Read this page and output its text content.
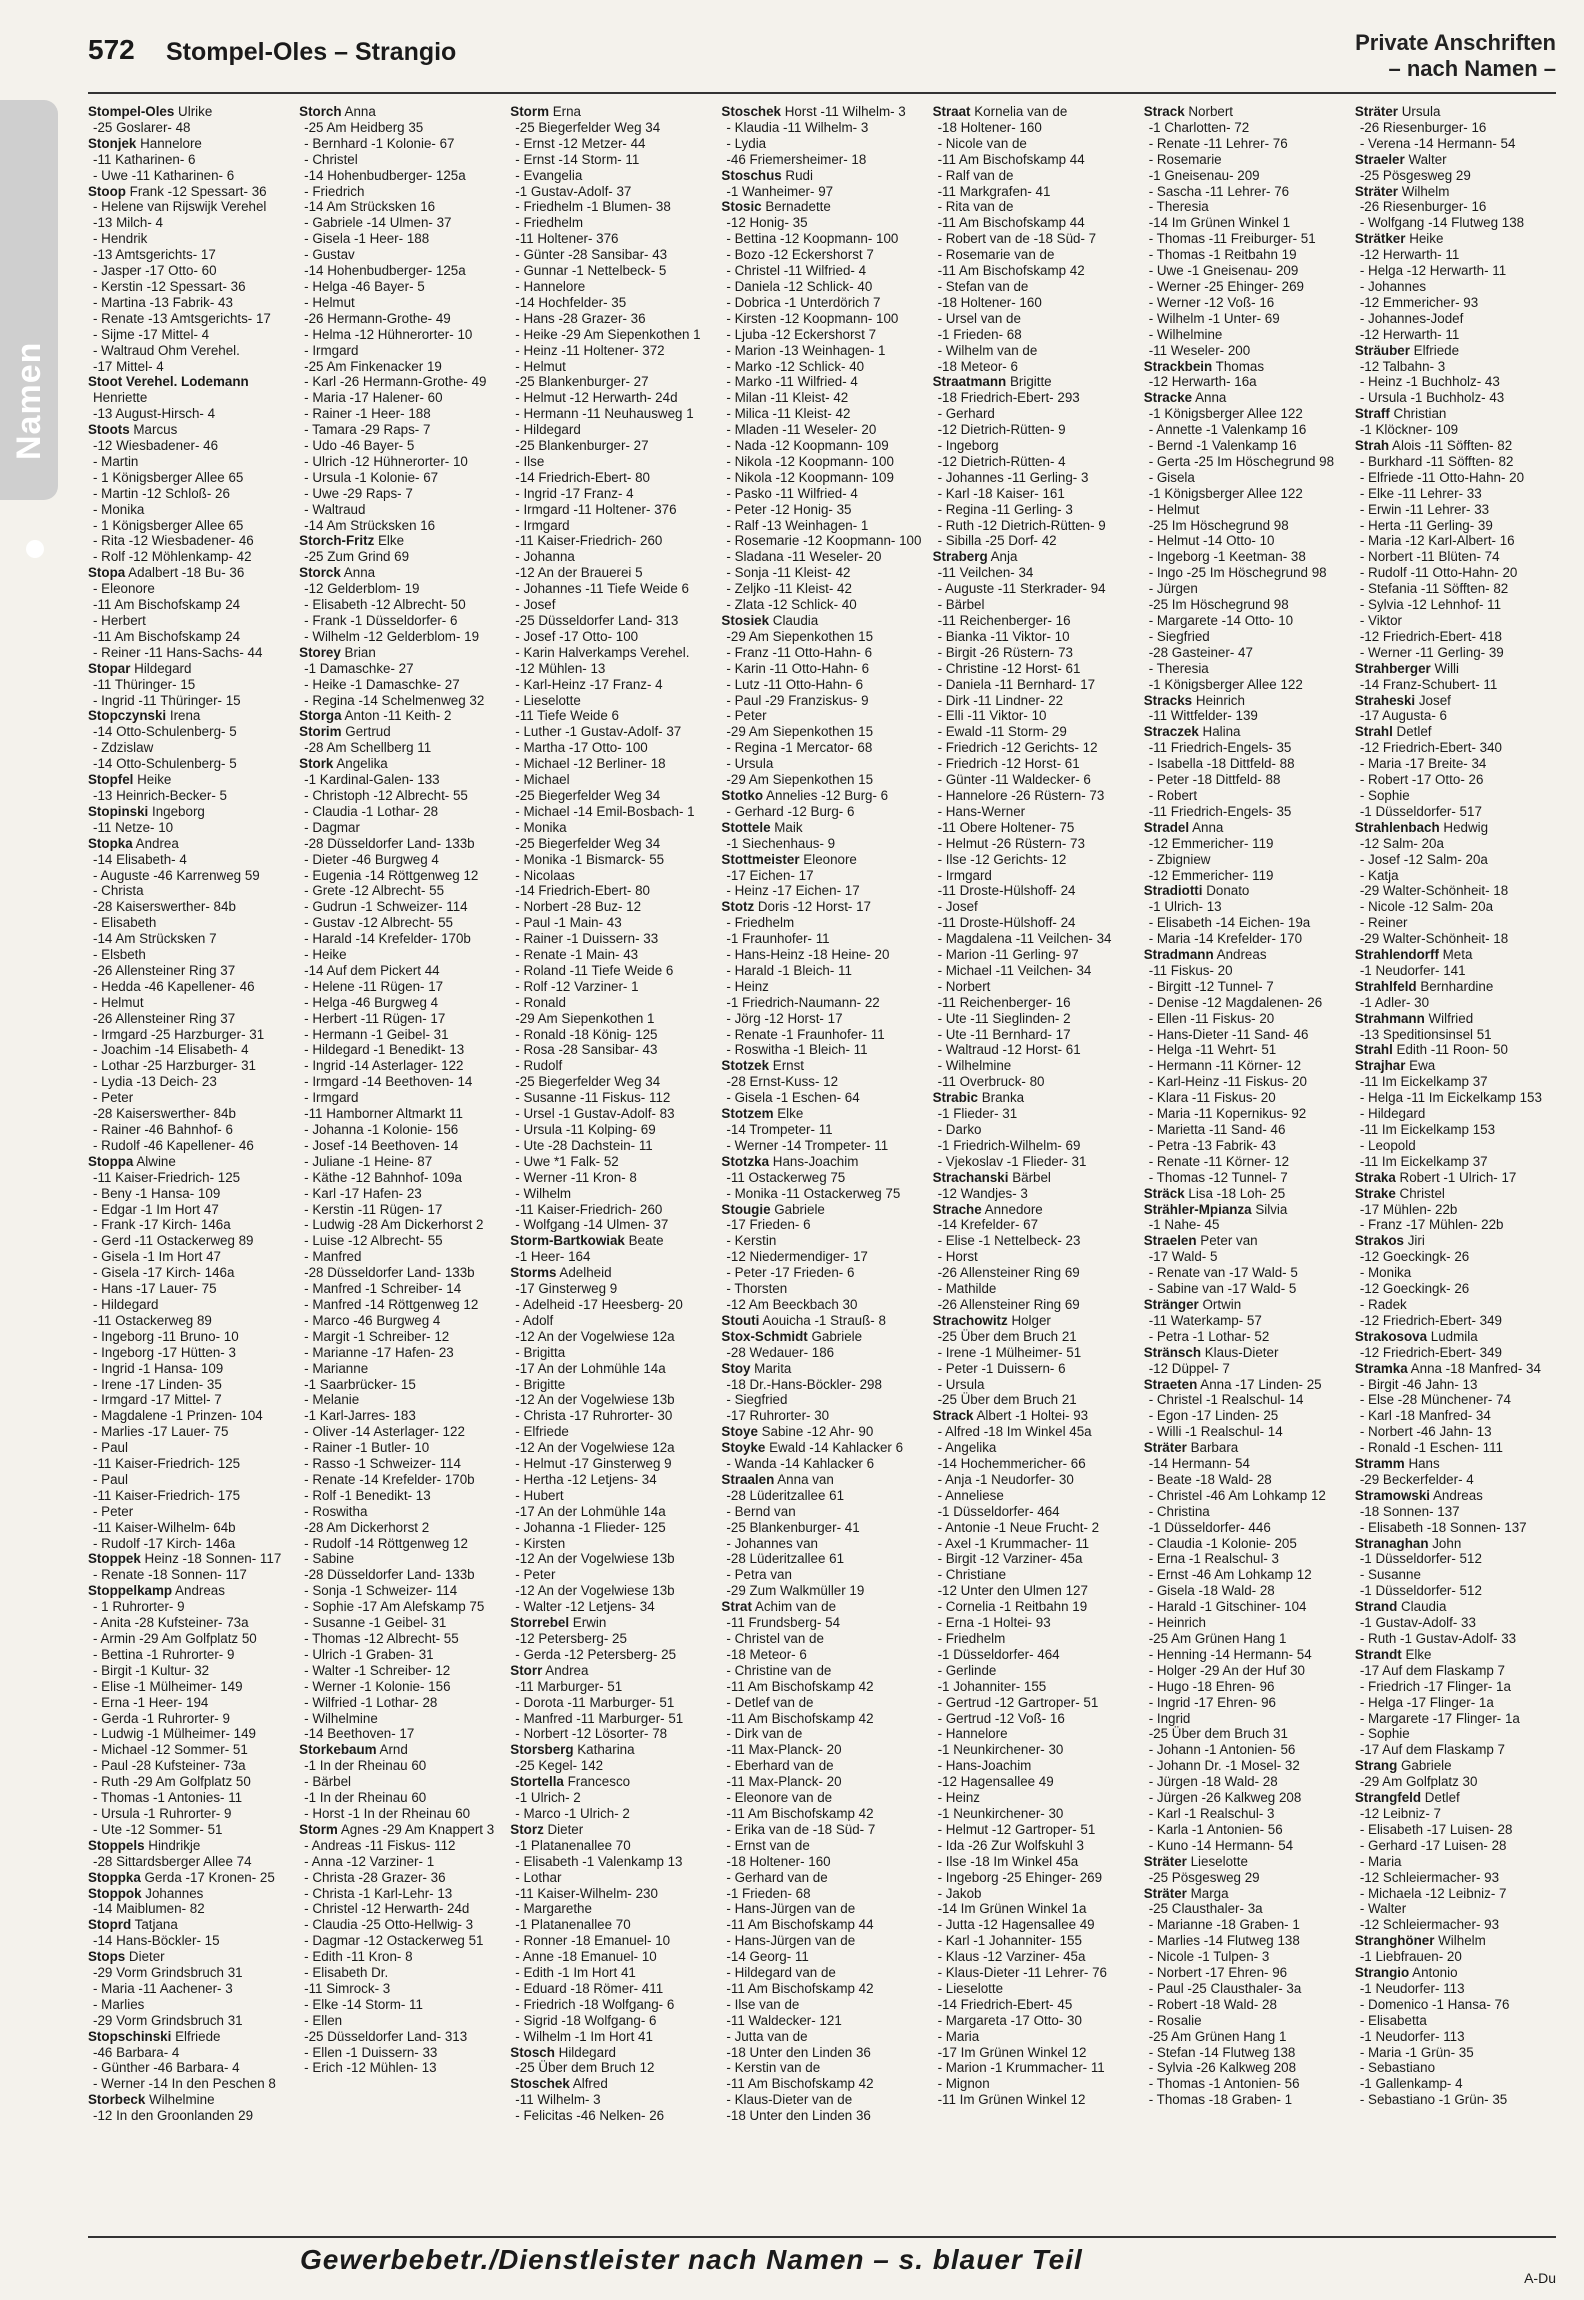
572 Stompel-Oles – Strangio	Private Anschriften
– nach Namen –
Namen
Stompel-Oles Ulrike
-25 Goslarer- 48
Stonjek Hannelore
-11 Katharinen- 6
- Uwe -11 Katharinen- 6
Stoop Frank -12 Spessart- 36
- Helene van Rijswijk Verehel
-13 Milch- 4
- Hendrik
-13 Amtsgerichts- 17
- Jasper -17 Otto- 60
- Kerstin -12 Spessart- 36
- Martina -13 Fabrik- 43
- Renate -13 Amtsgerichts- 17
- Sijme -17 Mittel- 4
- Waltraud Ohm Verehel.
-17 Mittel- 4
Stoot Verehel. Lodemann
Henriette
-13 August-Hirsch- 4
Stoots Marcus
-12 Wiesbadener- 46
- Martin
- 1 Königsberger Allee 65
- Martin -12 Schloß- 26
- Monika
- 1 Königsberger Allee 65
- Rita -12 Wiesbadener- 46
- Rolf -12 Möhlenkamp- 42
Stopa Adalbert -18 Bu- 36
- Eleonore
-11 Am Bischofskamp 24
- Herbert
-11 Am Bischofskamp 24
- Reiner -11 Hans-Sachs- 44
Stopar Hildegard
-11 Thüringer- 15
- Ingrid -11 Thüringer- 15
Stopczynski Irena
-14 Otto-Schulenberg- 5
- Zdzislaw
-14 Otto-Schulenberg- 5
Stopfel Heike
-13 Heinrich-Becker- 5
Stopinski Ingeborg
-11 Netze- 10
Stopka Andrea
-14 Elisabeth- 4
- Auguste -46 Karrenweg 59
- Christa
-28 Kaiserswerther- 84b
- Elisabeth
-14 Am Strücksken 7
- Elsbeth
-26 Allensteiner Ring 37
- Hedda -46 Kapellener- 46
- Helmut
-26 Allensteiner Ring 37
- Irmgard -25 Harzburger- 31
- Joachim -14 Elisabeth- 4
- Lothar -25 Harzburger- 31
- Lydia -13 Deich- 23
- Peter
-28 Kaiserswerther- 84b
- Rainer -46 Bahnhof- 6
- Rudolf -46 Kapellener- 46
Stoppa Alwine
-11 Kaiser-Friedrich- 125
- Beny -1 Hansa- 109
- Edgar -1 Im Hort 47
- Frank -17 Kirch- 146a
- Gerd -11 Ostackerweg 89
- Gisela -1 Im Hort 47
- Gisela -17 Kirch- 146a
- Hans -17 Lauer- 75
- Hildegard
-11 Ostackerweg 89
- Ingeborg -11 Bruno- 10
- Ingeborg -17 Hütten- 3
- Ingrid -1 Hansa- 109
- Irene -17 Linden- 35
- Irmgard -17 Mittel- 7
- Magdalene -1 Prinzen- 104
- Marlies -17 Lauer- 75
- Paul
-11 Kaiser-Friedrich- 125
- Paul
-11 Kaiser-Friedrich- 175
- Peter
-11 Kaiser-Wilhelm- 64b
- Rudolf -17 Kirch- 146a
Stoppek Heinz -18 Sonnen- 117
- Renate -18 Sonnen- 117
Stoppelkamp Andreas
- 1 Ruhrorter- 9
- Anita -28 Kufsteiner- 73a
- Armin -29 Am Golfplatz 50
- Bettina -1 Ruhrorter- 9
- Birgit -1 Kultur- 32
- Elise -1 Mülheimer- 149
- Erna -1 Heer- 194
- Gerda -1 Ruhrorter- 9
- Ludwig -1 Mülheimer- 149
- Michael -12 Sommer- 51
- Paul -28 Kufsteiner- 73a
- Ruth -29 Am Golfplatz 50
- Thomas -1 Antonies- 11
- Ursula -1 Ruhrorter- 9
- Ute -12 Sommer- 51
Stoppels Hindrikje
-28 Sittardsberger Allee 74
Stoppka Gerda -17 Kronen- 25
Stoppok Johannes
-14 Maiblumen- 82
Stoprd Tatjana
-14 Hans-Böckler- 15
Stops Dieter
-29 Vorm Grindsbruch 31
- Maria -11 Aachener- 3
- Marlies
-29 Vorm Grindsbruch 31
Stopschinski Elfriede
-46 Barbara- 4
- Günther -46 Barbara- 4
- Werner -14 In den Peschen 8
Storbeck Wilhelmine
-12 In den Groonlanden 29
Storch Anna
-25 Am Heidberg 35
- Bernhard -1 Kolonie- 67
- Christel
-14 Hohenbudberger- 125a
- Friedrich
-14 Am Strücksken 16
- Gabriele -14 Ulmen- 37
- Gisela -1 Heer- 188
- Gustav
-14 Hohenbudberger- 125a
- Helga -46 Bayer- 5
- Helmut
-26 Hermann-Grothe- 49
- Helma -12 Hühnerorter- 10
- Irmgard
-25 Am Finkenacker 19
- Karl -26 Hermann-Grothe- 49
- Maria -17 Halener- 60
- Rainer -1 Heer- 188
- Tamara -29 Raps- 7
- Udo -46 Bayer- 5
- Ulrich -12 Hühnerorter- 10
- Ursula -1 Kolonie- 67
- Uwe -29 Raps- 7
- Waltraud
-14 Am Strücksken 16
Storch-Fritz Elke
-25 Zum Grind 69
Storck Anna
-12 Gelderblom- 19
- Elisabeth -12 Albrecht- 50
- Frank -1 Düsseldorfer- 6
- Wilhelm -12 Gelderblom- 19
Storey Brian
-1 Damaschke- 27
- Heike -1 Damaschke- 27
- Regina -14 Schelmenweg 32
Storga Anton -11 Keith- 2
Storim Gertrud
-28 Am Schellberg 11
Stork Angelika
-1 Kardinal-Galen- 133
- Christoph -12 Albrecht- 55
- Claudia -1 Lothar- 28
- Dagmar
-28 Düsseldorfer Land- 133b
- Dieter -46 Burgweg 4
- Eugenia -14 Röttgenweg 12
- Grete -12 Albrecht- 55
- Gudrun -1 Schweizer- 114
- Gustav -12 Albrecht- 55
- Harald -14 Krefelder- 170b
- Heike
-14 Auf dem Pickert 44
- Helene -11 Rügen- 17
- Helga -46 Burgweg 4
- Herbert -11 Rügen- 17
- Hermann -1 Geibel- 31
- Hildegard -1 Benedikt- 13
- Ingrid -14 Asterlager- 122
- Irmgard -14 Beethoven- 14
- Irmgard
-11 Hamborner Altmarkt 11
- Johanna -1 Kolonie- 156
- Josef -14 Beethoven- 14
- Juliane -1 Heine- 87
- Käthe -12 Bahnhof- 109a
- Karl -17 Hafen- 23
- Kerstin -11 Rügen- 17
- Ludwig -28 Am Dickerhorst 2
- Luise -12 Albrecht- 55
- Manfred
-28 Düsseldorfer Land- 133b
- Manfred -1 Schreiber- 14
- Manfred -14 Röttgenweg 12
- Marco -46 Burgweg 4
- Margit -1 Schreiber- 12
- Marianne -17 Hafen- 23
- Marianne
-1 Saarbrücker- 15
- Melanie
-1 Karl-Jarres- 183
- Oliver -14 Asterlager- 122
- Rainer -1 Butler- 10
- Rasso -1 Schweizer- 114
- Renate -14 Krefelder- 170b
- Rolf -1 Benedikt- 13
- Roswitha
-28 Am Dickerhorst 2
- Rudolf -14 Röttgenweg 12
- Sabine
-28 Düsseldorfer Land- 133b
- Sonja -1 Schweizer- 114
- Sophie -17 Am Alefskamp 75
- Susanne -1 Geibel- 31
- Thomas -12 Albrecht- 55
- Ulrich -1 Graben- 31
- Walter -1 Schreiber- 12
- Werner -1 Kolonie- 156
- Wilfried -1 Lothar- 28
- Wilhelmine
-14 Beethoven- 17
Storkebaum Arnd
-1 In der Rheinau 60
- Bärbel
-1 In der Rheinau 60
- Horst -1 In der Rheinau 60
Storm Agnes -29 Am Knappert 3
- Andreas -11 Fiskus- 112
- Anna -12 Varziner- 1
- Christa -28 Grazer- 36
- Christa -1 Karl-Lehr- 13
- Christel -12 Herwarth- 24d
- Claudia -25 Otto-Hellwig- 3
- Dagmar -12 Ostackerweg 51
- Edith -11 Kron- 8
- Elisabeth Dr.
-11 Simrock- 3
- Elke -14 Storm- 11
- Ellen
-25 Düsseldorfer Land- 313
- Ellen -1 Duissern- 33
- Erich -12 Mühlen- 13
Storm Erna
-25 Biegerfelder Weg 34
- Ernst -12 Metzer- 44
- Ernst -14 Storm- 11
- Evangelia
-1 Gustav-Adolf- 37
- Friedhelm -1 Blumen- 38
- Friedhelm
-11 Holtener- 376
- Günter -28 Sansibar- 43
- Gunnar -1 Nettelbeck- 5
- Hannelore
-14 Hochfelder- 35
- Hans -28 Grazer- 36
- Heike -29 Am Siepenkothen 1
- Heinz -11 Holtener- 372
- Helmut
-25 Blankenburger- 27
- Helmut -12 Herwarth- 24d
- Hermann -11 Neuhausweg 1
- Hildegard
-25 Blankenburger- 27
- Ilse
-14 Friedrich-Ebert- 80
- Ingrid -17 Franz- 4
- Irmgard -11 Holtener- 376
- Irmgard
-11 Kaiser-Friedrich- 260
- Johanna
-12 An der Brauerei 5
- Johannes -11 Tiefe Weide 6
- Josef
-25 Düsseldorfer Land- 313
- Josef -17 Otto- 100
- Karin Halverkamps Verehel.
-12 Mühlen- 13
- Karl-Heinz -17 Franz- 4
- Lieselotte
-11 Tiefe Weide 6
- Luther -1 Gustav-Adolf- 37
- Martha -17 Otto- 100
- Michael -12 Berliner- 18
- Michael
-25 Biegerfelder Weg 34
- Michael -14 Emil-Bosbach- 1
- Monika
-25 Biegerfelder Weg 34
- Monika -1 Bismarck- 55
- Nicolaas
-14 Friedrich-Ebert- 80
- Norbert -28 Buz- 12
- Paul -1 Main- 43
- Rainer -1 Duissern- 33
- Renate -1 Main- 43
- Roland -11 Tiefe Weide 6
- Rolf -12 Varziner- 1
- Ronald
-29 Am Siepenkothen 1
- Ronald -18 König- 125
- Rosa -28 Sansibar- 43
- Rudolf
-25 Biegerfelder Weg 34
- Susanne -11 Fiskus- 112
- Ursel -1 Gustav-Adolf- 83
- Ursula -11 Kolping- 69
- Ute -28 Dachstein- 11
- Uwe *1 Falk- 52
- Werner -11 Kron- 8
- Wilhelm
-11 Kaiser-Friedrich- 260
- Wolfgang -14 Ulmen- 37
Storm-Bartkowiak Beate
-1 Heer- 164
Storms Adelheid
-17 Ginsterweg 9
- Adelheid -17 Heesberg- 20
- Adolf
-12 An der Vogelwiese 12a
- Brigitta
-17 An der Lohmühle 14a
- Brigitte
-12 An der Vogelwiese 13b
- Christa -17 Ruhrorter- 30
- Elfriede
-12 An der Vogelwiese 12a
- Helmut -17 Ginsterweg 9
- Hertha -12 Letjens- 34
- Hubert
-17 An der Lohmühle 14a
- Johanna -1 Flieder- 125
- Kirsten
-12 An der Vogelwiese 13b
- Peter
-12 An der Vogelwiese 13b
- Walter -12 Letjens- 34
Storrebel Erwin
-12 Petersberg- 25
- Gerda -12 Petersberg- 25
Storr Andrea
-11 Marburger- 51
- Dorota -11 Marburger- 51
- Manfred -11 Marburger- 51
- Norbert -12 Lösorter- 78
Storsberg Katharina
-25 Kegel- 142
Stortella Francesco
-1 Ulrich- 2
- Marco -1 Ulrich- 2
Storz Dieter
-1 Platanenallee 70
- Elisabeth -1 Valenkamp 13
- Lothar
-11 Kaiser-Wilhelm- 230
- Margarethe
-1 Platanenallee 70
- Ronner -18 Emanuel- 10
- Anne -18 Emanuel- 10
- Edith -1 Im Hort 41
- Eduard -18 Römer- 411
- Friedrich -18 Wolfgang- 6
- Sigrid -18 Wolfgang- 6
- Wilhelm -1 Im Hort 41
Stosch Hildegard
-25 Über dem Bruch 12
Stoschek Alfred
-11 Wilhelm- 3
- Felicitas -46 Nelken- 26
Stoschek Horst -11 Wilhelm- 3
- Klaudia -11 Wilhelm- 3
- Lydia
-46 Friemersheimer- 18
Stoschus Rudi
-1 Wanheimer- 97
Stosic Bernadette
-12 Honig- 35
- Bettina -12 Koopmann- 100
- Bozo -12 Eckershorst 7
- Christel -11 Wilfried- 4
- Daniela -12 Schlick- 40
- Dobrica -1 Unterdörich 7
- Kirsten -12 Koopmann- 100
- Ljuba -12 Eckershorst 7
- Marion -13 Weinhagen- 1
- Marko -12 Schlick- 40
- Marko -11 Wilfried- 4
- Milan -11 Kleist- 42
- Milica -11 Kleist- 42
- Mladen -11 Weseler- 20
- Nada -12 Koopmann- 109
- Nikola -12 Koopmann- 100
- Nikola -12 Koopmann- 109
- Pasko -11 Wilfried- 4
- Peter -12 Honig- 35
- Ralf -13 Weinhagen- 1
- Rosemarie -12 Koopmann- 100
- Sladana -11 Weseler- 20
- Sonja -11 Kleist- 42
- Zeljko -11 Kleist- 42
- Zlata -12 Schlick- 40
Stosiek Claudia
-29 Am Siepenkothen 15
- Franz -11 Otto-Hahn- 6
- Karin -11 Otto-Hahn- 6
- Lutz -11 Otto-Hahn- 6
- Paul -29 Franziskus- 9
- Peter
-29 Am Siepenkothen 15
- Regina -1 Mercator- 68
- Ursula
-29 Am Siepenkothen 15
Stotko Annelies -12 Burg- 6
- Gerhard -12 Burg- 6
Stottele Maik
-1 Siechenhaus- 9
Stottmeister Eleonore
-17 Eichen- 17
- Heinz -17 Eichen- 17
Stotz Doris -12 Horst- 17
- Friedhelm
-1 Fraunhofer- 11
- Hans-Heinz -18 Heine- 20
- Harald -1 Bleich- 11
- Heinz
-1 Friedrich-Naumann- 22
- Jörg -12 Horst- 17
- Renate -1 Fraunhofer- 11
- Roswitha -1 Bleich- 11
Stotzek Ernst
-28 Ernst-Kuss- 12
- Gisela -1 Eschen- 64
Stotzem Elke
-14 Trompeter- 11
- Werner -14 Trompeter- 11
Stotzka Hans-Joachim
-11 Ostackerweg 75
- Monika -11 Ostackerweg 75
Stougie Gabriele
-17 Frieden- 6
- Kerstin
-12 Niedermendiger- 17
- Peter -17 Frieden- 6
- Thorsten
-12 Am Beeckbach 30
Stouti Aouicha -1 Strauß- 8
Stox-Schmidt Gabriele
-28 Wedauer- 186
Stoy Marita
-18 Dr.-Hans-Böckler- 298
- Siegfried
-17 Ruhrorter- 30
Stoye Sabine -12 Ahr- 90
Stoyke Ewald -14 Kahlacker 6
- Wanda -14 Kahlacker 6
Straalen Anna van
-28 Lüderitzallee 61
- Bernd van
-25 Blankenburger- 41
- Johannes van
-28 Lüderitzallee 61
- Petra van
-29 Zum Walkmüller 19
Strat Achim van de
-11 Frundsberg- 54
- Christel van de
-18 Meteor- 6
- Christine van de
-11 Am Bischofskamp 42
- Detlef van de
-11 Am Bischofskamp 42
- Dirk van de
-11 Max-Planck- 20
- Eberhard van de
-11 Max-Planck- 20
- Eleonore van de
-11 Am Bischofskamp 42
- Erika van de -18 Süd- 7
- Ernst van de
-18 Holtener- 160
- Gerhard van de
-1 Frieden- 68
- Hans-Jürgen van de
-11 Am Bischofskamp 44
- Hans-Jürgen van de
-14 Georg- 11
- Hildegard van de
-11 Am Bischofskamp 42
- Ilse van de
-11 Waldecker- 121
- Jutta van de
-18 Unter den Linden 36
- Kerstin van de
-11 Am Bischofskamp 42
- Klaus-Dieter van de
-18 Unter den Linden 36
Straat Kornelia van de
-18 Holtener- 160
- Nicole van de
-11 Am Bischofskamp 44
- Ralf van de
-11 Markgrafen- 41
- Rita van de
-11 Am Bischofskamp 44
- Robert van de -18 Süd- 7
- Rosemarie van de
-11 Am Bischofskamp 42
- Stefan van de
-18 Holtener- 160
- Ursel van de
-1 Frieden- 68
- Wilhelm van de
-18 Meteor- 6
Straatmann Brigitte
-18 Friedrich-Ebert- 293
- Gerhard
-12 Dietrich-Rütten- 9
- Ingeborg
-12 Dietrich-Rütten- 4
- Johannes -11 Gerling- 3
- Karl -18 Kaiser- 161
- Regina -11 Gerling- 3
- Ruth -12 Dietrich-Rütten- 9
- Sibilla -25 Dorf- 42
Straberg Anja
-11 Veilchen- 34
- Auguste -11 Sterkrader- 94
- Bärbel
-11 Reichenberger- 16
- Bianka -11 Viktor- 10
- Birgit -26 Rüstern- 73
- Christine -12 Horst- 61
- Daniela -11 Bernhard- 17
- Dirk -11 Lindner- 22
- Elli -11 Viktor- 10
- Ewald -11 Storm- 29
- Friedrich -12 Gerichts- 12
- Friedrich -12 Horst- 61
- Günter -11 Waldecker- 6
- Hannelore -26 Rüstern- 73
- Hans-Werner
-11 Obere Holtener- 75
- Helmut -26 Rüstern- 73
- Ilse -12 Gerichts- 12
- Irmgard
-11 Droste-Hülshoff- 24
- Josef
-11 Droste-Hülshoff- 24
- Magdalena -11 Veilchen- 34
- Marion -11 Gerling- 97
- Michael -11 Veilchen- 34
- Norbert
-11 Reichenberger- 16
- Ute -11 Sieglinden- 2
- Ute -11 Bernhard- 17
- Waltraud -12 Horst- 61
- Wilhelmine
-11 Overbruck- 80
Strabic Branka
-1 Flieder- 31
- Darko
-1 Friedrich-Wilhelm- 69
- Vjekoslav -1 Flieder- 31
Strachanski Bärbel
-12 Wandjes- 3
Strache Annedore
-14 Krefelder- 67
- Elise -1 Nettelbeck- 23
- Horst
-26 Allensteiner Ring 69
- Mathilde
-26 Allensteiner Ring 69
Strachowitz Holger
-25 Über dem Bruch 21
- Irene -1 Mülheimer- 51
- Peter -1 Duissern- 6
- Ursula
-25 Über dem Bruch 21
Strack Albert -1 Holtei- 93
- Alfred -18 Im Winkel 45a
- Angelika
-14 Hochemmericher- 66
- Anja -1 Neudorfer- 30
- Anneliese
-1 Düsseldorfer- 464
- Antonie -1 Neue Frucht- 2
- Axel -1 Krummacher- 11
- Birgit -12 Varziner- 45a
- Christiane
-12 Unter den Ulmen 127
- Cornelia -1 Reitbahn 19
- Erna -1 Holtei- 93
- Friedhelm
-1 Düsseldorfer- 464
- Gerlinde
-1 Johanniter- 155
- Gertrud -12 Gartroper- 51
- Gertrud -12 Voß- 16
- Hannelore
-1 Neunkirchener- 30
- Hans-Joachim
-12 Hagensallee 49
- Heinz
-1 Neunkirchener- 30
- Helmut -12 Gartroper- 51
- Ida -26 Zur Wolfskuhl 3
- Ilse -18 Im Winkel 45a
- Ingeborg -25 Ehinger- 269
- Jakob
-14 Im Grünen Winkel 1a
- Jutta -12 Hagensallee 49
- Karl -1 Johanniter- 155
- Klaus -12 Varziner- 45a
- Klaus-Dieter -11 Lehrer- 76
- Lieselotte
-14 Friedrich-Ebert- 45
- Margareta -17 Otto- 30
- Maria
-17 Im Grünen Winkel 12
- Marion -1 Krummacher- 11
- Mignon
-11 Im Grünen Winkel 12
Strack Norbert
-1 Charlotten- 72
- Renate -11 Lehrer- 76
- Rosemarie
-1 Gneisenau- 209
- Sascha -11 Lehrer- 76
- Theresia
-14 Im Grünen Winkel 1
- Thomas -11 Freiburger- 51
- Thomas -1 Reitbahn 19
- Uwe -1 Gneisenau- 209
- Werner -25 Ehinger- 269
- Werner -12 Voß- 16
- Wilhelm -1 Unter- 69
- Wilhelmine
-11 Weseler- 200
Strackbein Thomas
-12 Herwarth- 16a
Stracke Anna
-1 Königsberger Allee 122
- Annette -1 Valenkamp 16
- Bernd -1 Valenkamp 16
- Gerta -25 Im Höschegrund 98
- Gisela
-1 Königsberger Allee 122
- Helmut
-25 Im Höschegrund 98
- Helmut -14 Otto- 10
- Ingeborg -1 Keetman- 38
- Ingo -25 Im Höschegrund 98
- Jürgen
-25 Im Höschegrund 98
- Margarete -14 Otto- 10
- Siegfried
-28 Gasteiner- 47
- Theresia
-1 Königsberger Allee 122
Stracks Heinrich
-11 Wittfelder- 139
Straczek Halina
-11 Friedrich-Engels- 35
- Isabella -18 Dittfeld- 88
- Peter -18 Dittfeld- 88
- Robert
-11 Friedrich-Engels- 35
Stradel Anna
-12 Emmericher- 119
- Zbigniew
-12 Emmericher- 119
Stradiotti Donato
-1 Ulrich- 13
- Elisabeth -14 Eichen- 19a
- Maria -14 Krefelder- 170
Stradmann Andreas
-11 Fiskus- 20
- Birgitt -12 Tunnel- 7
- Denise -12 Magdalenen- 26
- Ellen -11 Fiskus- 20
- Hans-Dieter -11 Sand- 46
- Helga -11 Wehrt- 51
- Hermann -11 Körner- 12
- Karl-Heinz -11 Fiskus- 20
- Klara -11 Fiskus- 20
- Maria -11 Kopernikus- 92
- Marietta -11 Sand- 46
- Petra -13 Fabrik- 43
- Renate -11 Körner- 12
- Thomas -12 Tunnel- 7
Sträck Lisa -18 Loh- 25
Strähler-Mpianza Silvia
-1 Nahe- 45
Straelen Peter van
-17 Wald- 5
- Renate van -17 Wald- 5
- Sabine van -17 Wald- 5
Stränger Ortwin
-11 Waterkamp- 57
- Petra -1 Lothar- 52
Stränsch Klaus-Dieter
-12 Düppel- 7
Straeten Anna -17 Linden- 25
- Christel -1 Realschul- 14
- Egon -17 Linden- 25
- Willi -1 Realschul- 14
Sträter Barbara
-14 Hermann- 54
- Beate -18 Wald- 28
- Christel -46 Am Lohkamp 12
- Christina
-1 Düsseldorfer- 446
- Claudia -1 Kolonie- 205
- Erna -1 Realschul- 3
- Ernst -46 Am Lohkamp 12
- Gisela -18 Wald- 28
- Harald -1 Gitschiner- 104
- Heinrich
-25 Am Grünen Hang 1
- Henning -14 Hermann- 54
- Holger -29 An der Huf 30
- Hugo -18 Ehren- 96
- Ingrid -17 Ehren- 96
- Ingrid
-25 Über dem Bruch 31
- Johann -1 Antonien- 56
- Johann Dr. -1 Mosel- 32
- Jürgen -18 Wald- 28
- Jürgen -26 Kalkweg 208
- Karl -1 Realschul- 3
- Karla -1 Antonien- 56
- Kuno -14 Hermann- 54
Sträter Lieselotte
-25 Pösgesweg 29
Sträter Marga
-25 Clausthaler- 3a
- Marianne -18 Graben- 1
- Marlies -14 Flutweg 138
- Nicole -1 Tulpen- 3
- Norbert -17 Ehren- 96
- Paul -25 Clausthaler- 3a
- Robert -18 Wald- 28
- Rosalie
-25 Am Grünen Hang 1
- Stefan -14 Flutweg 138
- Sylvia -26 Kalkweg 208
- Thomas -1 Antonien- 56
- Thomas -18 Graben- 1
Sträter Ursula
-26 Riesenburger- 16
- Verena -14 Hermann- 54
Straeler Walter
-25 Pösgesweg 29
Sträter Wilhelm
-26 Riesenburger- 16
- Wolfgang -14 Flutweg 138
Strätker Heike
-12 Herwarth- 11
- Helga -12 Herwarth- 11
- Johannes
-12 Emmericher- 93
- Johannes-Jodef
-12 Herwarth- 11
Sträuber Elfriede
-12 Talbahn- 3
- Heinz -1 Buchholz- 43
- Ursula -1 Buchholz- 43
Straff Christian
-1 Klöckner- 109
Strah Alois -11 Söfften- 82
- Burkhard -11 Söfften- 82
- Elfriede -11 Otto-Hahn- 20
- Elke -11 Lehrer- 33
- Erwin -11 Lehrer- 33
- Herta -11 Gerling- 39
- Maria -12 Karl-Albert- 16
- Norbert -11 Blüten- 74
- Rudolf -11 Otto-Hahn- 20
- Stefania -11 Söfften- 82
- Sylvia -12 Lehnhof- 11
- Viktor
-12 Friedrich-Ebert- 418
- Werner -11 Gerling- 39
Strahberger Willi
-14 Franz-Schubert- 11
Straheski Josef
-17 Augusta- 6
Strahl Detlef
-12 Friedrich-Ebert- 340
- Maria -17 Breite- 34
- Robert -17 Otto- 26
- Sophie
-1 Düsseldorfer- 517
Strahlenbach Hedwig
-12 Salm- 20a
- Josef -12 Salm- 20a
- Katja
-29 Walter-Schönheit- 18
- Nicole -12 Salm- 20a
- Reiner
-29 Walter-Schönheit- 18
Strahlendorff Meta
-1 Neudorfer- 141
Strahlfeld Bernhardine
-1 Adler- 30
Strahmann Wilfried
-13 Speditionsinsel 51
Strahl Edith -11 Roon- 50
Strajhar Ewa
-11 Im Eickelkamp 37
- Helga -11 Im Eickelkamp 153
- Hildegard
-11 Im Eickelkamp 153
- Leopold
-11 Im Eickelkamp 37
Straka Robert -1 Ulrich- 17
Strake Christel
-17 Mühlen- 22b
- Franz -17 Mühlen- 22b
Strakos Jiri
-12 Goeckingk- 26
- Monika
-12 Goeckingk- 26
- Radek
-12 Friedrich-Ebert- 349
Strakosova Ludmila
-12 Friedrich-Ebert- 349
Stramka Anna -18 Manfred- 34
- Birgit -46 Jahn- 13
- Else -28 Münchener- 74
- Karl -18 Manfred- 34
- Norbert -46 Jahn- 13
- Ronald -1 Eschen- 111
Stramm Hans
-29 Beckerfelder- 4
Stramowski Andreas
-18 Sonnen- 137
- Elisabeth -18 Sonnen- 137
Stranaghan John
-1 Düsseldorfer- 512
- Susanne
-1 Düsseldorfer- 512
Strand Claudia
-1 Gustav-Adolf- 33
- Ruth -1 Gustav-Adolf- 33
Strandt Elke
-17 Auf dem Flaskamp 7
- Friedrich -17 Flinger- 1a
- Helga -17 Flinger- 1a
- Margarete -17 Flinger- 1a
- Sophie
-17 Auf dem Flaskamp 7
Strang Gabriele
-29 Am Golfplatz 30
Strangfeld Detlef
-12 Leibniz- 7
- Elisabeth -17 Luisen- 28
- Gerhard -17 Luisen- 28
- Maria
-12 Schleiermacher- 93
- Michaela -12 Leibniz- 7
- Walter
-12 Schleiermacher- 93
Stranghöner Wilhelm
-1 Liebfrauen- 20
Strangio Antonio
-1 Neudorfer- 113
- Domenico -1 Hansa- 76
- Elisabetta
-1 Neudorfer- 113
- Maria -1 Grün- 35
- Sebastiano
-1 Gallenkamp- 4
- Sebastiano -1 Grün- 35
Gewerbebetr./Dienstleister nach Namen – s. blauer Teil
A-Du
